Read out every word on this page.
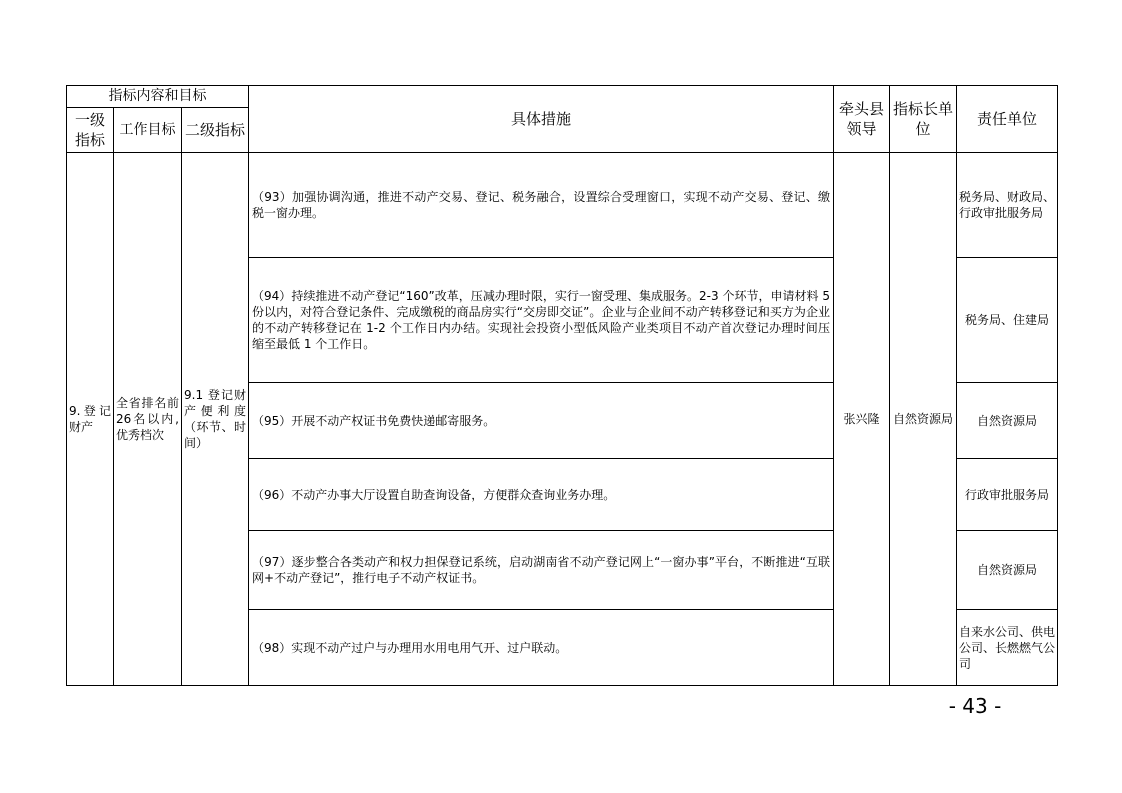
指标内容和目标			具体措施	牵头县领导	指标长单位	责任单位
一级指标	工作目标	二级指标				
9.登记财产	全省排名前26名以内,优秀档次	9.1 登记财产便利度（环节、时间）	（93）加强协调沟通，推进不动产交易、登记、税务融合，设置综合受理窗口，实现不动产交易、登记、缴税一窗办理。	张兴隆	自然资源局	税务局、财政局、行政审批服务局
			（94）持续推进不动产登记“160”改革，压减办理时限，实行一窗受理、集成服务。2-3 个环节，申请材料 5 份以内，对符合登记条件、完成缴税的商品房实行“交房即交证”。企业与企业间不动产转移登记和买方为企业的不动产转移登记在 1-2 个工作日内办结。实现社会投资小型低风险产业类项目不动产首次登记办理时间压缩至最低 1 个工作日。			税务局、住建局
			（95）开展不动产权证书免费快递邮寄服务。			自然资源局
			（96）不动产办事大厅设置自助查询设备，方便群众查询业务办理。			行政审批服务局
			（97）逐步整合各类动产和权力担保登记系统，启动湖南省不动产登记网上“一窗办事”平台，不断推进“互联网+不动产登记”，推行电子不动产权证书。			自然资源局
			（98）实现不动产过户与办理用水用电用气开、过户联动。			自来水公司、供电公司、长燃燃气公司
- 43 -
